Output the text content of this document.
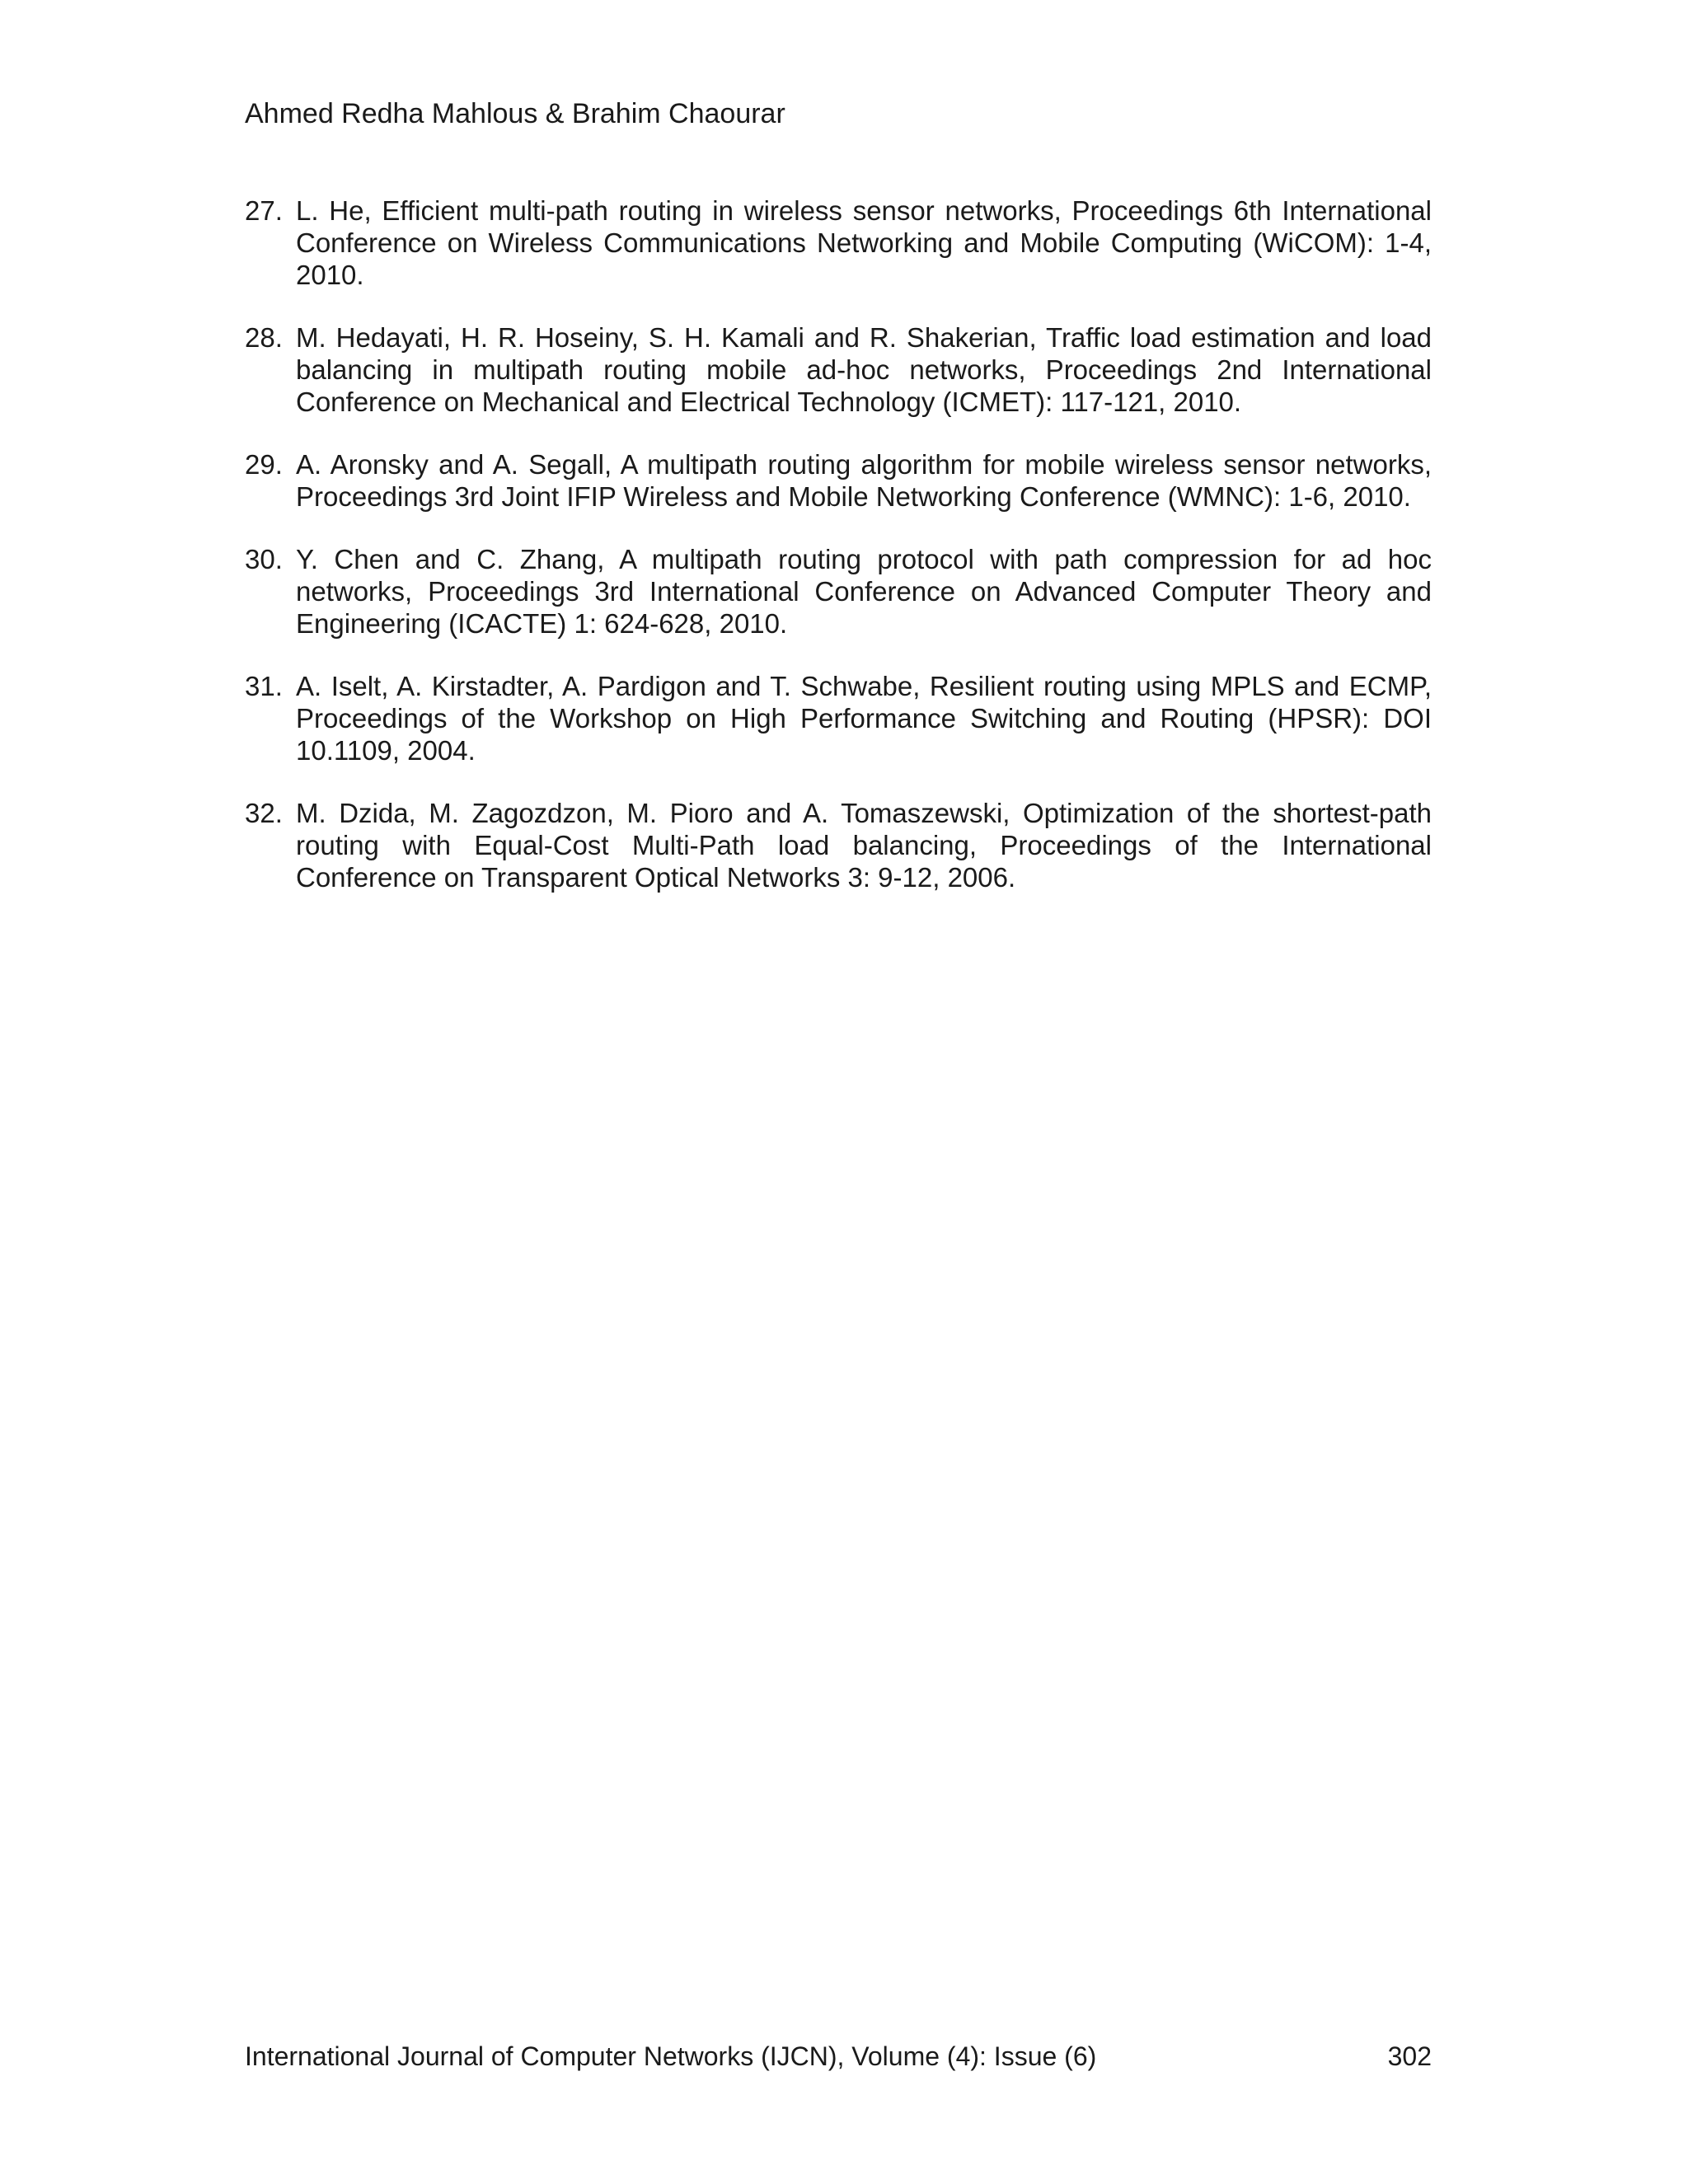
Ahmed Redha Mahlous & Brahim Chaourar
27. L. He, Efficient multi-path routing in wireless sensor networks, Proceedings 6th International Conference on Wireless Communications Networking and Mobile Computing (WiCOM): 1-4, 2010.
28. M. Hedayati, H. R. Hoseiny, S. H. Kamali and R. Shakerian, Traffic load estimation and load balancing in multipath routing mobile ad-hoc networks, Proceedings 2nd International Conference on Mechanical and Electrical Technology (ICMET): 117-121, 2010.
29. A. Aronsky and A. Segall, A multipath routing algorithm for mobile wireless sensor networks, Proceedings 3rd Joint IFIP Wireless and Mobile Networking Conference (WMNC): 1-6, 2010.
30. Y. Chen and C. Zhang, A multipath routing protocol with path compression for ad hoc networks, Proceedings 3rd International Conference on Advanced Computer Theory and Engineering (ICACTE) 1: 624-628, 2010.
31. A. Iselt, A. Kirstadter, A. Pardigon and T. Schwabe, Resilient routing using MPLS and ECMP, Proceedings of the Workshop on High Performance Switching and Routing (HPSR): DOI 10.1109, 2004.
32. M. Dzida, M. Zagozdzon, M. Pioro and A. Tomaszewski, Optimization of the shortest-path routing with Equal-Cost Multi-Path load balancing, Proceedings of the International Conference on Transparent Optical Networks 3: 9-12, 2006.
International Journal of Computer Networks (IJCN), Volume (4): Issue (6)	302
